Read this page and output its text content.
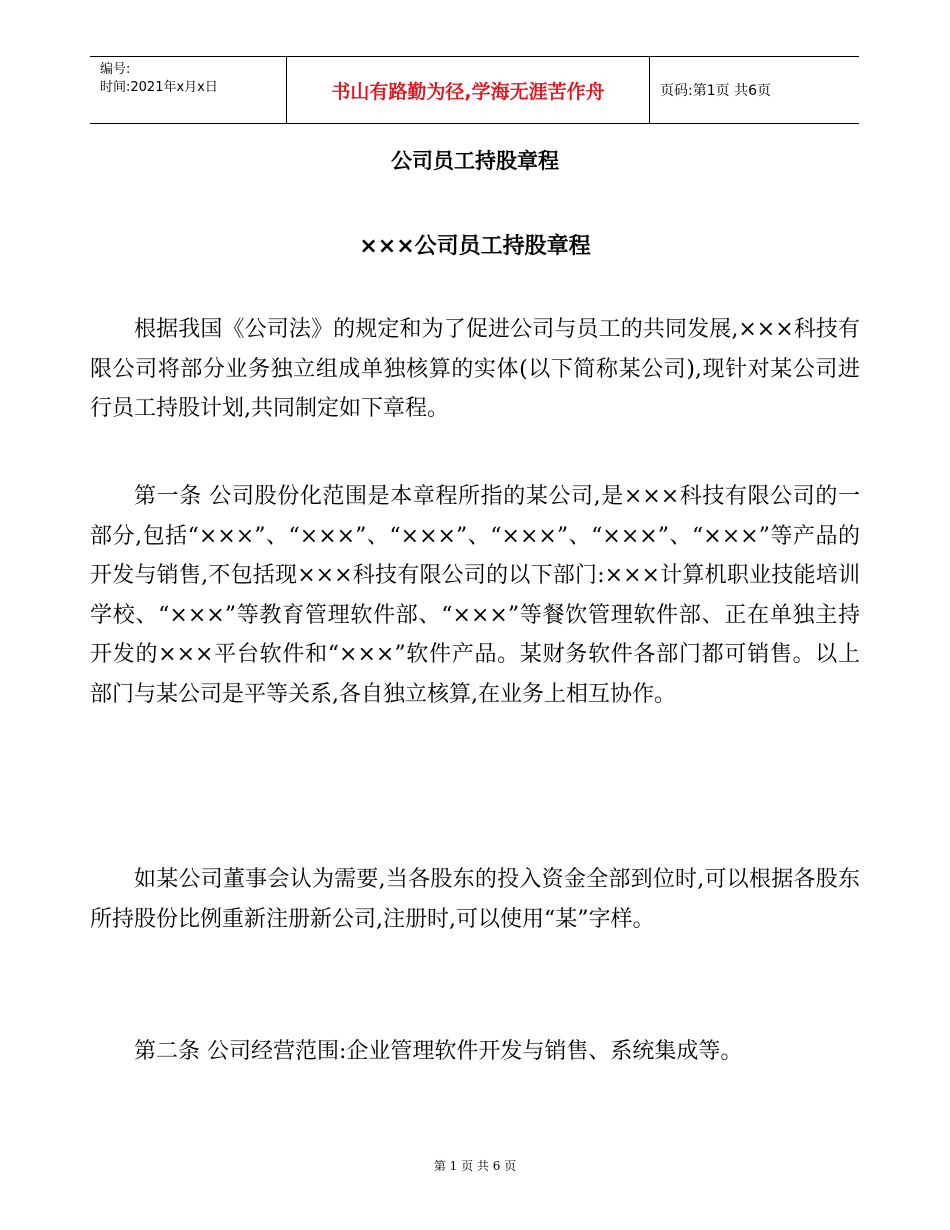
编号:
时间:2021年x月x日	书山有路勤为径,学海无涯苦作舟	页码:第1页 共6页
公司员工持股章程
×××公司员工持股章程

根据我国《公司法》的规定和为了促进公司与员工的共同发展,×××科技有限公司将部分业务独立组成单独核算的实体(以下简称某公司),现针对某公司进行员工持股计划,共同制定如下章程。

第一条 公司股份化范围是本章程所指的某公司,是×××科技有限公司的一部分,包括“×××”、“×××”、“×××”、“×××”、“×××”、“×××”等产品的开发与销售,不包括现×××科技有限公司的以下部门:×××计算机职业技能培训学校、“×××”等教育管理软件部、“×××”等餐饮管理软件部、正在单独主持开发的×××平台软件和“×××”软件产品。某财务软件各部门都可销售。以上部门与某公司是平等关系,各自独立核算,在业务上相互协作。

如某公司董事会认为需要,当各股东的投入资金全部到位时,可以根据各股东所持股份比例重新注册新公司,注册时,可以使用“某”字样。

第二条 公司经营范围:企业管理软件开发与销售、系统集成等。

第 1 页 共 6 页
